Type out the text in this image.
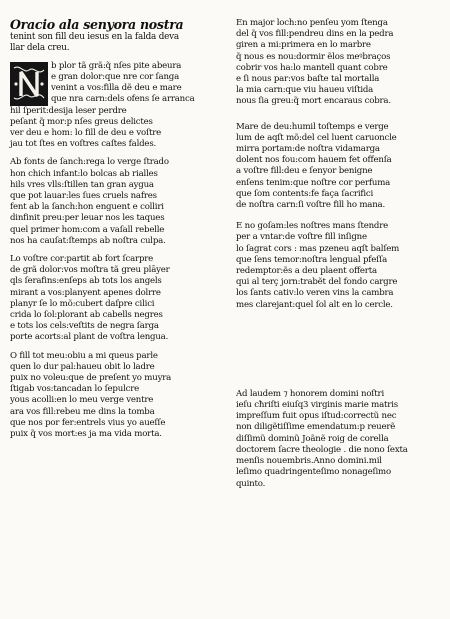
Oracio ala senyora nostra
tenint son fill deu iesus en la falda deva
llar dela creu.
b plor tã grã:q̃ nſes pite abeura
e gran dolor:que nre cor ſanga
venint a vos:filla dẽ deu e mare
que nra carn:dels ofens ſe arranca
hil ſperit:desija leser perdre
peſant q̃ mor:p nſes greus delictes
ver deu e hom: lo fill de deu e voſtre
jau tot ſtes en voſtres caſtes faldes.
Ab fonts de ſanch:rega lo verge ſtrado
hon chich infant:lo bolcas ab rialles
hils vres vlls:ſtillen tan gran aygua
que pot lauar:les ſues cruels nafres
fent ab la ſanch:hon enguent e colliri
dinfinit preu:per leuar nos les taques
quel primer hom:com a vaſall rebelle
nos ha cauſat:ſtemps ab noſtra culpa.
Lo voſtre cor:partit ab fort ſcarpre
de grã dolor:vos moſtra tã greu plāyer
qls ſerafins:enſeps ab tots los angels
mirant a vos:planyent apenes dolrre
planyr ſe lo mõ:cubert daſpre cilici
crida lo ſol:plorant ab cabells negres
e tots los cels:veſtits de negra ſarga
porte acorts:al plant de voſtra lengua.
O fill tot meu:obiu a mi queus parle
quen lo dur pal:haueu obit lo ladre
puix no voleu:que de preſent yo muyra
ſtigab vos:tancadan lo ſepulcre
yous acolli:en lo meu verge ventre
ara vos fill:rebeu me dins la tomba
que nos por fer:entrels vius yo aueſſe
puix q̃ vos mort:es ja ma vida morta.
En major loch:no penſeu yom ſtenga
del q̃ vos fill:pendreu dins en la pedra
giren a mi:primera en lo marbre
q̃ nous es nou:dormir ẽlos meꝰbraços
cobrir vos ha:lo mantell quant cobre
e ſi nous par:vos baſte tal mortalla
la mia carn:que viu haueu viſtida
nous ſia greu:q̃ mort encaraus cobra.
Mare de deu:humil toſtemps e verge
lum de aqſt mõ:del cel luent caruoncle
mirra portam:de noſtra vidamarga
dolent nos fou:com hauem fet offenſa
a voſtre fill:deu e ſenyor benigne
enſens tenim:que noſtre cor perfuma
que ſom contents:fe faça ſacrifici
de noſtra carn:ſi voſtre fill ho mana.
E no goſam:les noſtres mans ſtendre
per a vntar:de voſtre fill inſigne
lo ſagrat cors : mas pzeneu aqſt balſem
que ſens temor:noſtra lengual pfeſſa
redemptor:ẽs a deu plaent offerta
qui al terç jorn:trabẽt del fondo cargre
los ſants cativ:lo veren vins la cambra
mes clarejant:quel ſol alt en lo cercle.
Ad laudem ⁊ honorem domini noſtri
ieſu cħriſti eiuſq3 virginis marie matris
impreſſum fuit opus iſtud:correctũ nec
non diligẽtiſſime emendatum:p reuerẽ
diſſimũ dominũ Joãnẽ roig de corella
doctorem ſacre theologie . die nono ſexta
menſis nouembris.Anno domini.mil
leſimo quadringenteſimo nonageſimo
quinto.
